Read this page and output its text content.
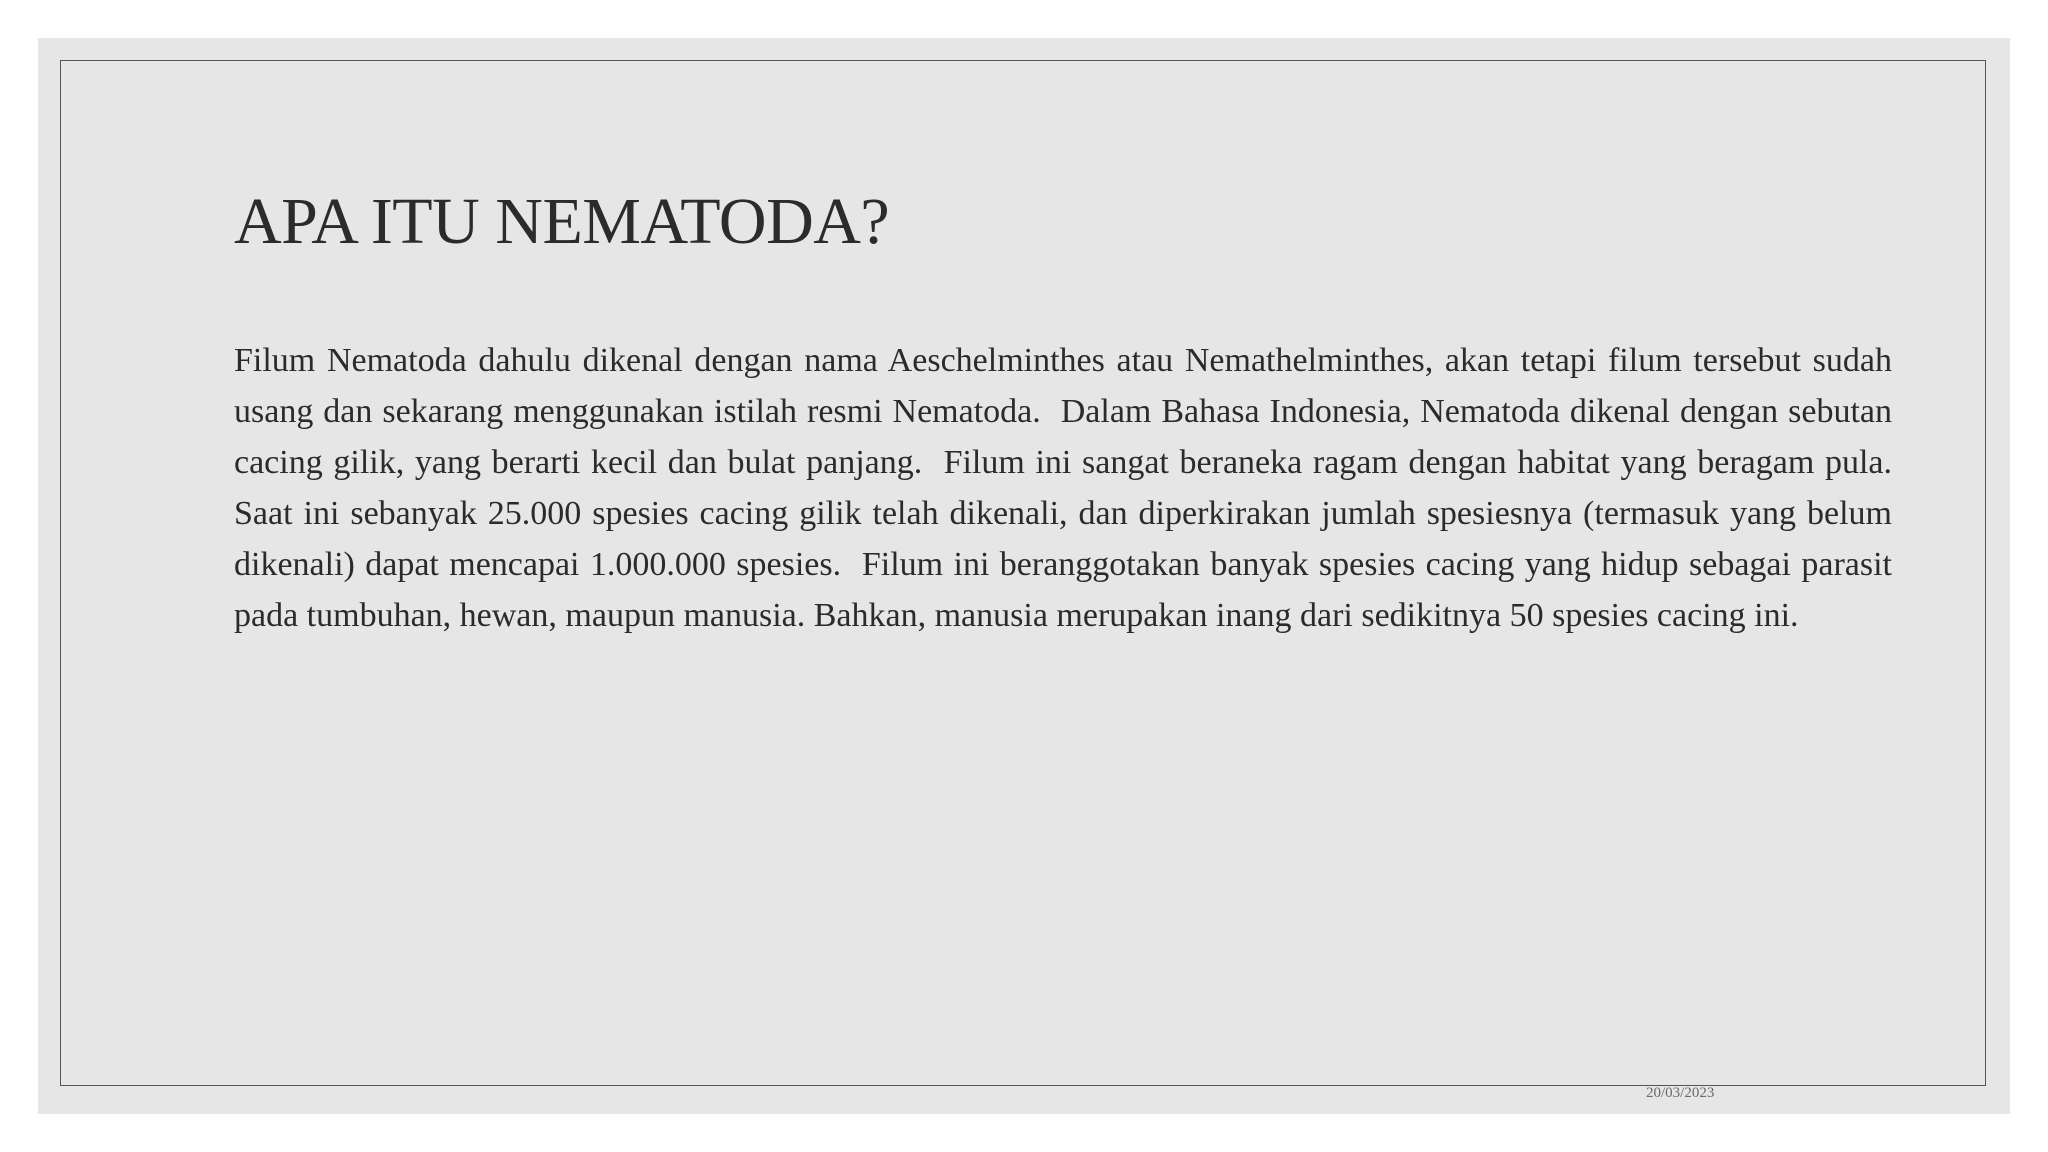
APA ITU NEMATODA?

Filum Nematoda dahulu dikenal dengan nama Aeschelminthes atau Nemathelminthes, akan tetapi filum tersebut sudah usang dan sekarang menggunakan istilah resmi Nematoda.  Dalam Bahasa Indonesia, Nematoda dikenal dengan sebutan cacing gilik, yang berarti kecil dan bulat panjang.  Filum ini sangat beraneka ragam dengan habitat yang beragam pula. Saat ini sebanyak 25.000 spesies cacing gilik telah dikenali, dan diperkirakan jumlah spesiesnya (termasuk yang belum dikenali) dapat mencapai 1.000.000 spesies.  Filum ini beranggotakan banyak spesies cacing yang hidup sebagai parasit pada tumbuhan, hewan, maupun manusia. Bahkan, manusia merupakan inang dari sedikitnya 50 spesies cacing ini.

20/03/2023
